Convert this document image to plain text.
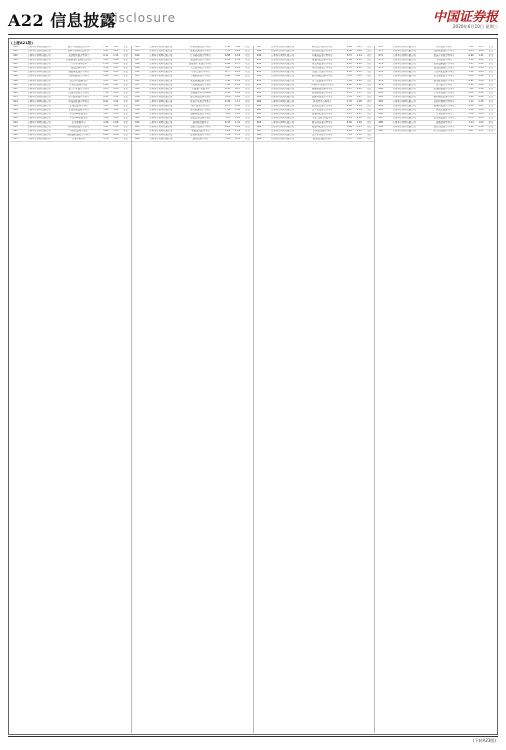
A22 信息披露
Disclosure	中国证券报
2020年6月10日 星期三
(上接A21版)
601	公募基金管理有限公司	混合型证券投资基金A	7.21	1.00	正常
602	公募基金管理有限公司	债券型证券投资基金C	3.45	1.02	正常
603	公募基金管理有限公司	灵活配置混合型基金	6.11	1.15	正常
604	公募基金管理有限公司	指数增强型证券投资基金	5.02	0.98	正常
605	公募基金管理有限公司	货币市场基金A	2.30	1.00	正常
606	公募基金管理有限公司	纯债债券型基金	3.12	1.03	正常
607	公募基金管理有限公司	稳健增长混合型基金	4.88	1.21	正常
608	公募基金管理有限公司	价值精选股票型基金	8.02	1.34	正常
609	公募基金管理有限公司	量化对冲策略基金	4.15	1.07	正常
610	公募基金管理有限公司	中短债债券型基金	2.91	1.01	正常
611	公募基金管理有限公司	新兴产业混合型基金	9.33	1.45	正常
612	公募基金管理有限公司	消费升级股票型基金	7.76	1.28	正常
613	公募基金管理有限公司	医疗健康混合型基金	6.54	1.19	正常
614	公募基金管理有限公司	科技创新混合型基金	8.91	1.52	正常
615	公募基金管理有限公司	信用债债券型基金	3.33	1.04	正常
616	公募基金管理有限公司	定期开放债券型基金	3.08	1.02	正常
617	公募基金管理有限公司	沪深300指数基金	5.47	1.11	正常
618	公募基金管理有限公司	中证500指数基金	5.89	1.09	正常
619	公募基金管理有限公司	红利指数基金	4.26	1.06	正常
620	公募基金管理有限公司	绝对收益混合型基金	3.97	1.05	正常
621	公募基金管理有限公司	可转债债券型基金	4.64	1.13	正常
622	公募基金管理有限公司	港股通精选股票型基金	6.21	0.96	正常
623	公募基金管理有限公司	养老目标基金	3.71	1.03	正常
624	公募基金管理有限公司	短期理财债券型基金	2.44	1.00	正常
625	公募基金管理有限公司	成长优选混合型基金	7.35	1.26	正常
626	公募基金管理有限公司	行业轮动混合型基金	6.88	1.18	正常
627	公募基金管理有限公司	高端制造股票型基金	8.12	1.39	正常
628	公募基金管理有限公司	新能源产业混合型基金	9.04	1.57	正常
629	公募基金管理有限公司	大盘蓝筹股票型基金	5.63	1.10	正常
630	公募基金管理有限公司	中小盘混合型基金	6.77	1.22	正常
631	公募基金管理有限公司	平衡配置混合型基金	4.49	1.08	正常
632	公募基金管理有限公司	双债增强债券型基金	3.56	1.04	正常
633	公募基金管理有限公司	主题精选混合型基金	7.02	1.24	正常
634	公募基金管理有限公司	金融地产指数基金	4.03	0.97	正常
635	公募基金管理有限公司	全球配置基金(QDII)	5.18	1.06	正常
636	公募基金管理有限公司	安心回报债券型基金	3.22	1.02	正常
637	公募基金管理有限公司	优势企业混合型基金	6.39	1.17	正常
638	公募基金管理有限公司	现金增利货币基金	2.27	1.00	正常
639	公募基金管理有限公司	研究精选股票型基金	7.58	1.30	正常
640	公募基金管理有限公司	策略回报混合型基金	5.84	1.12	正常
641	公募基金管理有限公司	纯债定开债券型基金	3.15	1.03	正常
642	公募基金管理有限公司	创业板指数基金	8.47	1.41	正常
643	公募基金管理有限公司	品质生活混合型基金	6.05	1.16	正常
644	公募基金管理有限公司	睿选灵活配置基金	5.29	1.09	正常
645	公募基金管理有限公司	长期价值混合型基金	7.91	1.33	正常
646	公募基金管理有限公司	稳利债券型基金	3.38	1.02	正常
647	公募基金管理有限公司	核心资产混合型基金	6.96	1.25	正常
648	公募基金管理有限公司	先进制造股票型基金	8.36	1.44	正常
649	公募基金管理有限公司	均衡成长混合型基金	5.72	1.14	正常
650	公募基金管理有限公司	增强回报债券型基金	3.64	1.05	正常
651	公募基金管理有限公司	内需增长混合型基金	6.43	1.20	正常
652	公募基金管理有限公司	国企改革股票型基金	5.11	1.01	正常
653	公募基金管理有限公司	智能汽车混合型基金	9.18	1.55	正常
654	公募基金管理有限公司	鑫享纯债债券型基金	3.03	1.01	正常
655	公募基金管理有限公司	景气优选混合型基金	7.49	1.29	正常
656	公募基金管理有限公司	半导体产业股票型基金	9.62	1.63	正常
657	公募基金管理有限公司	稳健收益债券型基金	3.47	1.03	正常
658	公募基金管理有限公司	创新驱动混合型基金	8.23	1.37	正常
659	公募基金管理有限公司	低碳环保混合型基金	7.14	1.27	正常
660	公募基金管理有限公司	添利货币市场基金	2.35	1.00	正常
661	公募基金管理有限公司	逆向投资混合型基金	6.58	1.19	正常
662	公募基金管理有限公司	民生消费股票型基金	7.67	1.31	正常
663	公募基金管理有限公司	安泰回报混合型基金	4.72	1.07	正常
664	公募基金管理有限公司	中高等级信用债基金	3.29	1.02	正常
665	公募基金管理有限公司	数字经济混合型基金	8.84	1.48	正常
666	公募基金管理有限公司	精选回报混合型基金	5.96	1.15	正常
667	公募基金管理有限公司	利率债债券型基金	2.98	1.01	正常
668	公募基金管理有限公司	龙头企业股票型基金	7.83	1.35	正常
669	公募基金管理有限公司	鑫安灵活配置基金	5.37	1.10	正常
670	公募基金管理有限公司	乐享债券型基金	3.41	1.03	正常
671	公募基金管理有限公司	先锋成长混合型基金	8.05	1.40	正常
672	公募基金管理有限公司	优质企业股票型基金	6.69	1.21	正常
673	公募基金管理有限公司	丰利债券型基金	3.19	1.02	正常
674	公募基金管理有限公司	宏观策略混合型基金	5.55	1.11	正常
675	公募基金管理有限公司	聚优精选混合型基金	7.28	1.26	正常
676	公募基金管理有限公司	兴盛回报债券型基金	3.52	1.04	正常
677	公募基金管理有限公司	活力成长股票型基金	8.59	1.46	正常
678	公募基金管理有限公司	稳进配置混合型基金	4.93	1.08	正常
679	公募基金管理有限公司	日日盈货币基金	2.21	1.00	正常
680	公募基金管理有限公司	趋势精选混合型基金	7.43	1.28	正常
681	公募基金管理有限公司	产业升级混合型基金	8.31	1.42	正常
682	公募基金管理有限公司	鑫利纯债债券型基金	3.09	1.02	正常
683	公募基金管理有限公司	品牌消费股票型基金	7.12	1.25	正常
684	公募基金管理有限公司	安诚回报混合型基金	4.58	1.07	正常
685	公募基金管理有限公司	高股息精选基金	5.26	1.09	正常
686	公募基金管理有限公司	汇利债券型基金	3.36	1.03	正常
687	公募基金管理有限公司	远见成长混合型基金	8.74	1.50	正常
688	公募基金管理有限公司	稳盈债券型基金	3.14	1.02	正常
689	公募基金管理有限公司	锐意进取股票型基金	9.11	1.58	正常
690	公募基金管理有限公司	恒久价值混合型基金	6.27	1.17	正常
(下转A23版)
